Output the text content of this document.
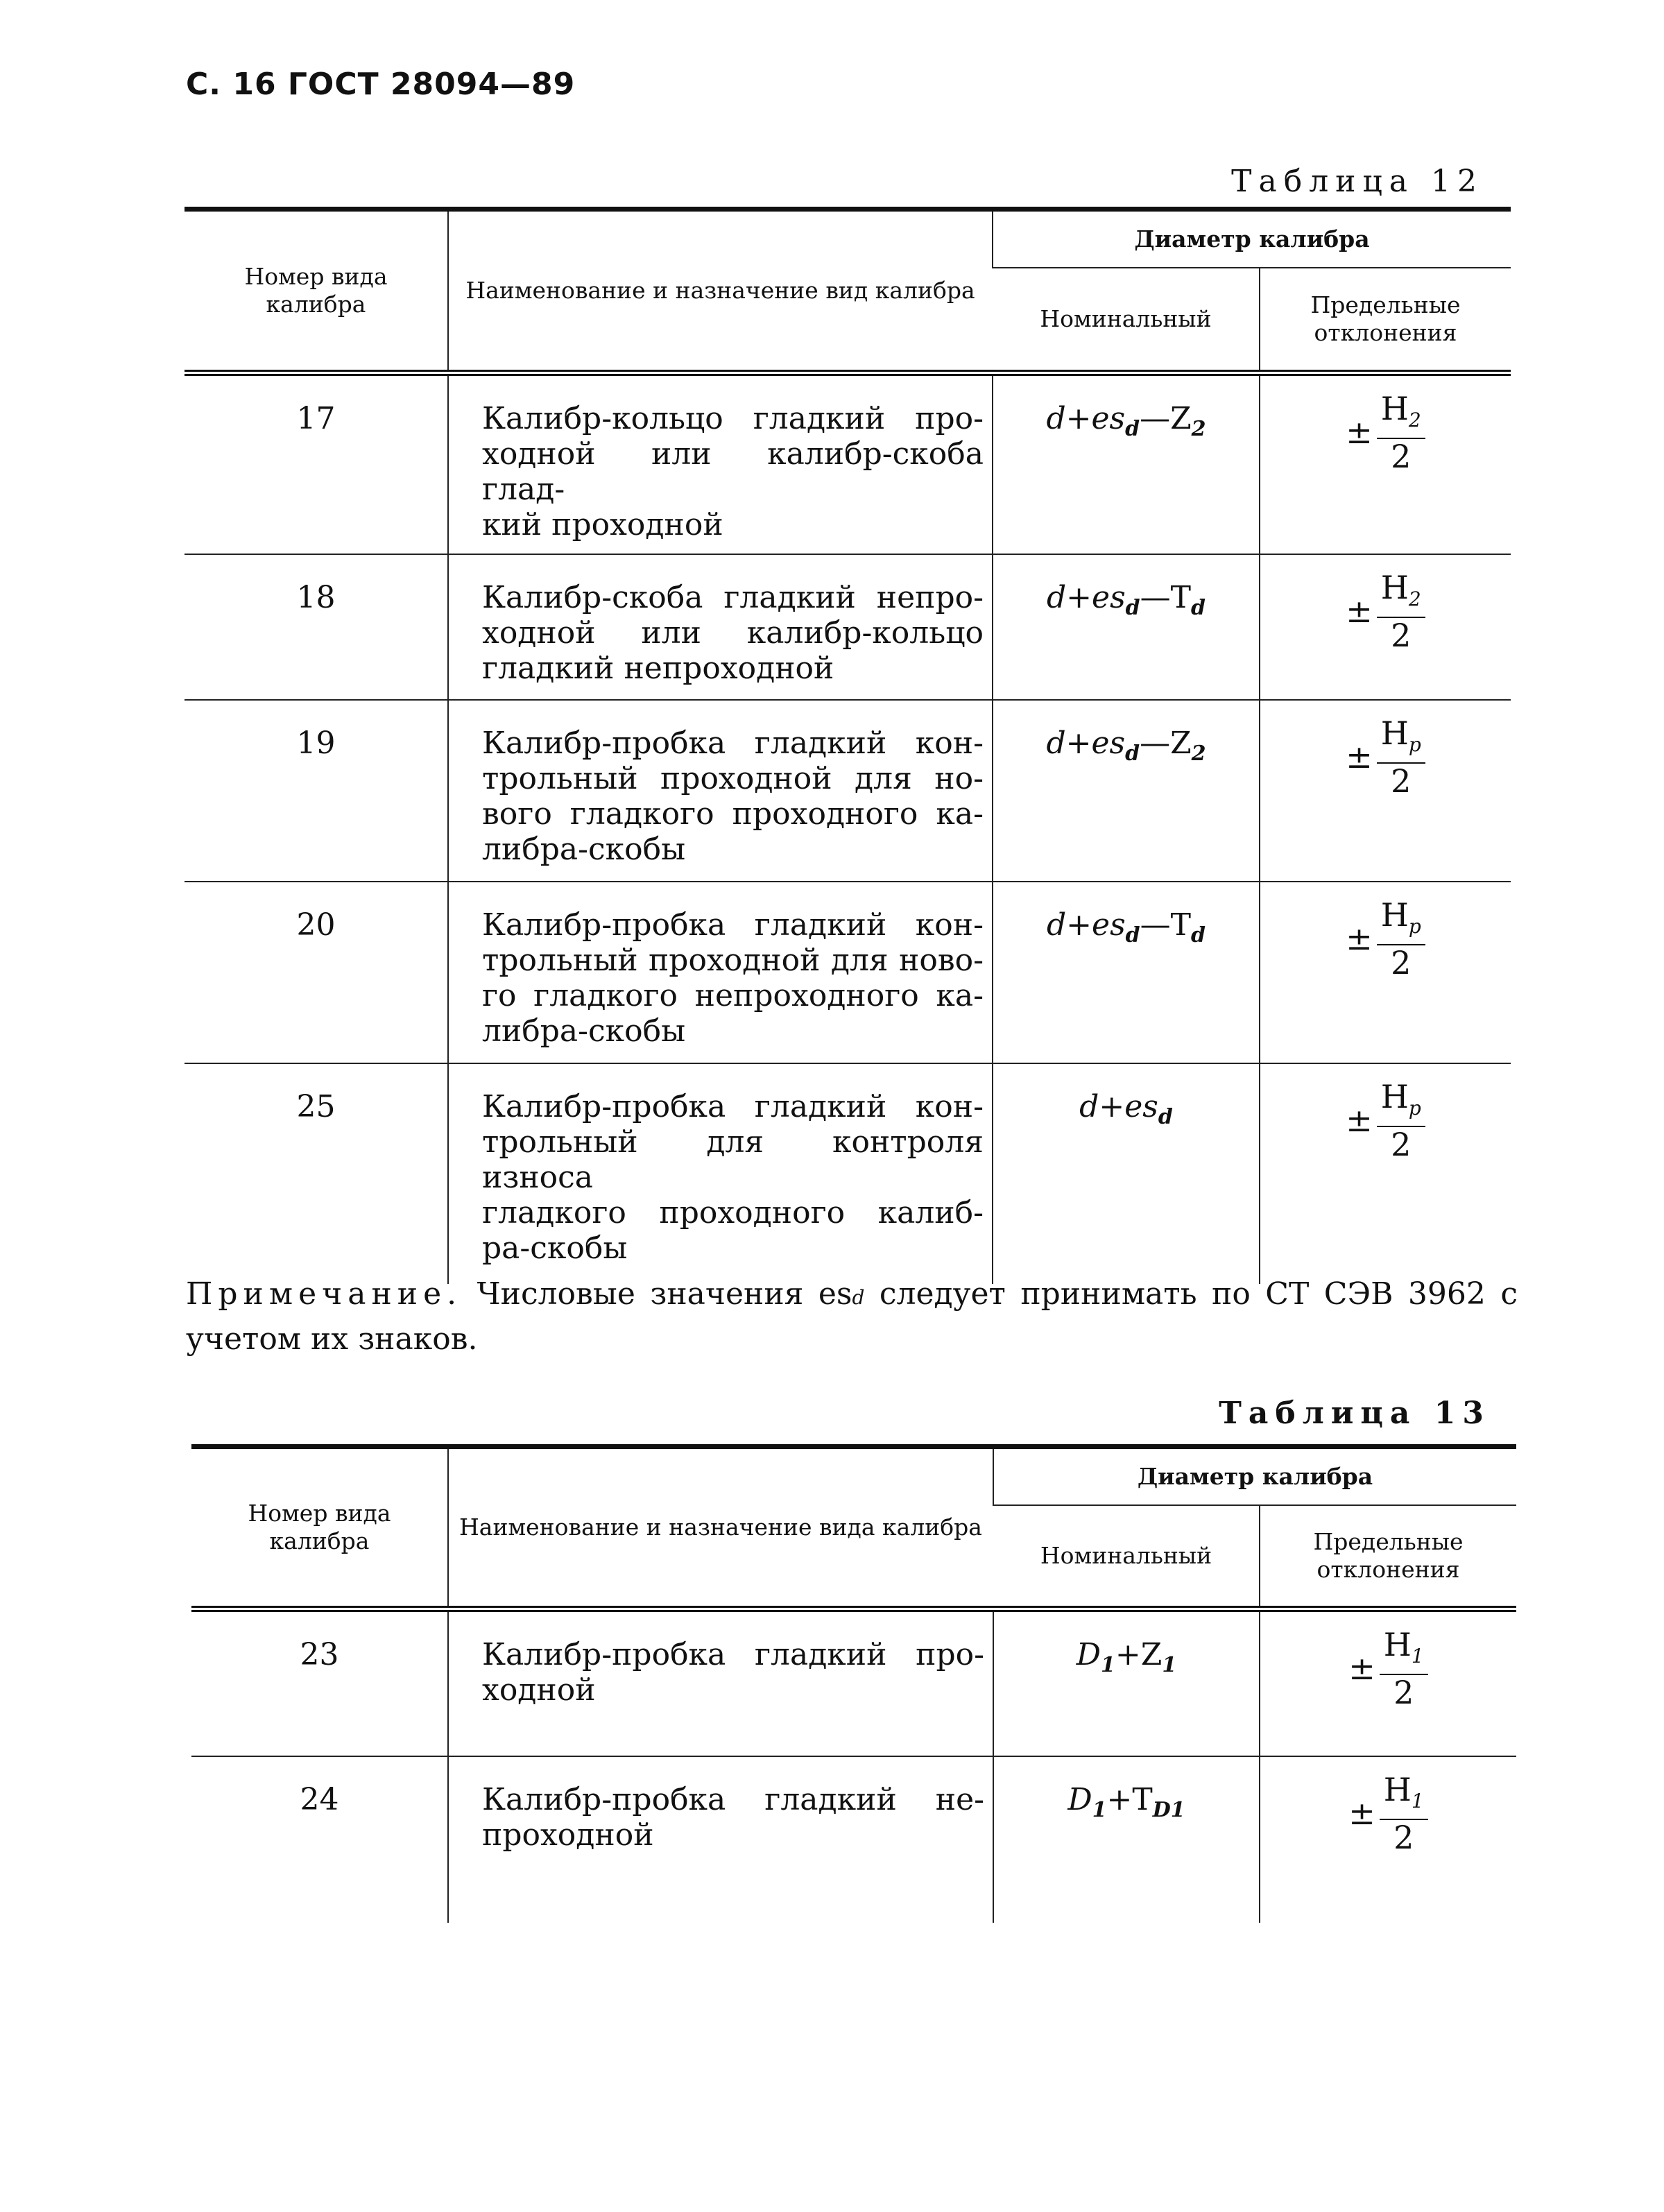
С. 16 ГОСТ 28094—89
Таблица 12
Номер вида калибра	Наименование и назначение вид калибра	Диаметр калибра	
		Номинальный	Предельные отклонения
17	Калибр-кольцо гладкий про-
ходной или калибр-скоба глад-
кий проходной	$d+es_d—Z_2$	± $\frac{H_2}{2}$

18	Калибр-скоба гладкий непро-
ходной или калибр-кольцо
гладкий непроходной	$d+es_d—T_d$	± $\frac{H_2}{2}$

19	Калибр-пробка гладкий кон-
трольный проходной для но-
вого гладкого проходного ка-
либра-скобы	$d+es_d—Z_2$	± $\frac{H_p}{2}$

20	Калибр-пробка гладкий кон-
трольный проходной для ново-
го гладкого непроходного ка-
либра-скобы	$d+es_d—T_d$	± $\frac{H_p}{2}$

25	Калибр-пробка гладкий кон-
трольный для контроля износа
гладкого проходного калиб-
ра-скобы	$d+es_d$	± $\frac{H_p}{2}$
Примечание. Числовые значения esd следует принимать по СТ СЭВ 3962 с учетом их знаков.
Таблица 13
Номер вида калибра	Наименование и назначение вида калибра	Диаметр калибра	
		Номинальный	Предельные отклонения
23	Калибр-пробка гладкий про-
ходной	$D_1+Z_1$	± $\frac{H_1}{2}$

24	Калибр-пробка гладкий не-
проходной	$D_1+T_{D1}$	± $\frac{H_1}{2}$
